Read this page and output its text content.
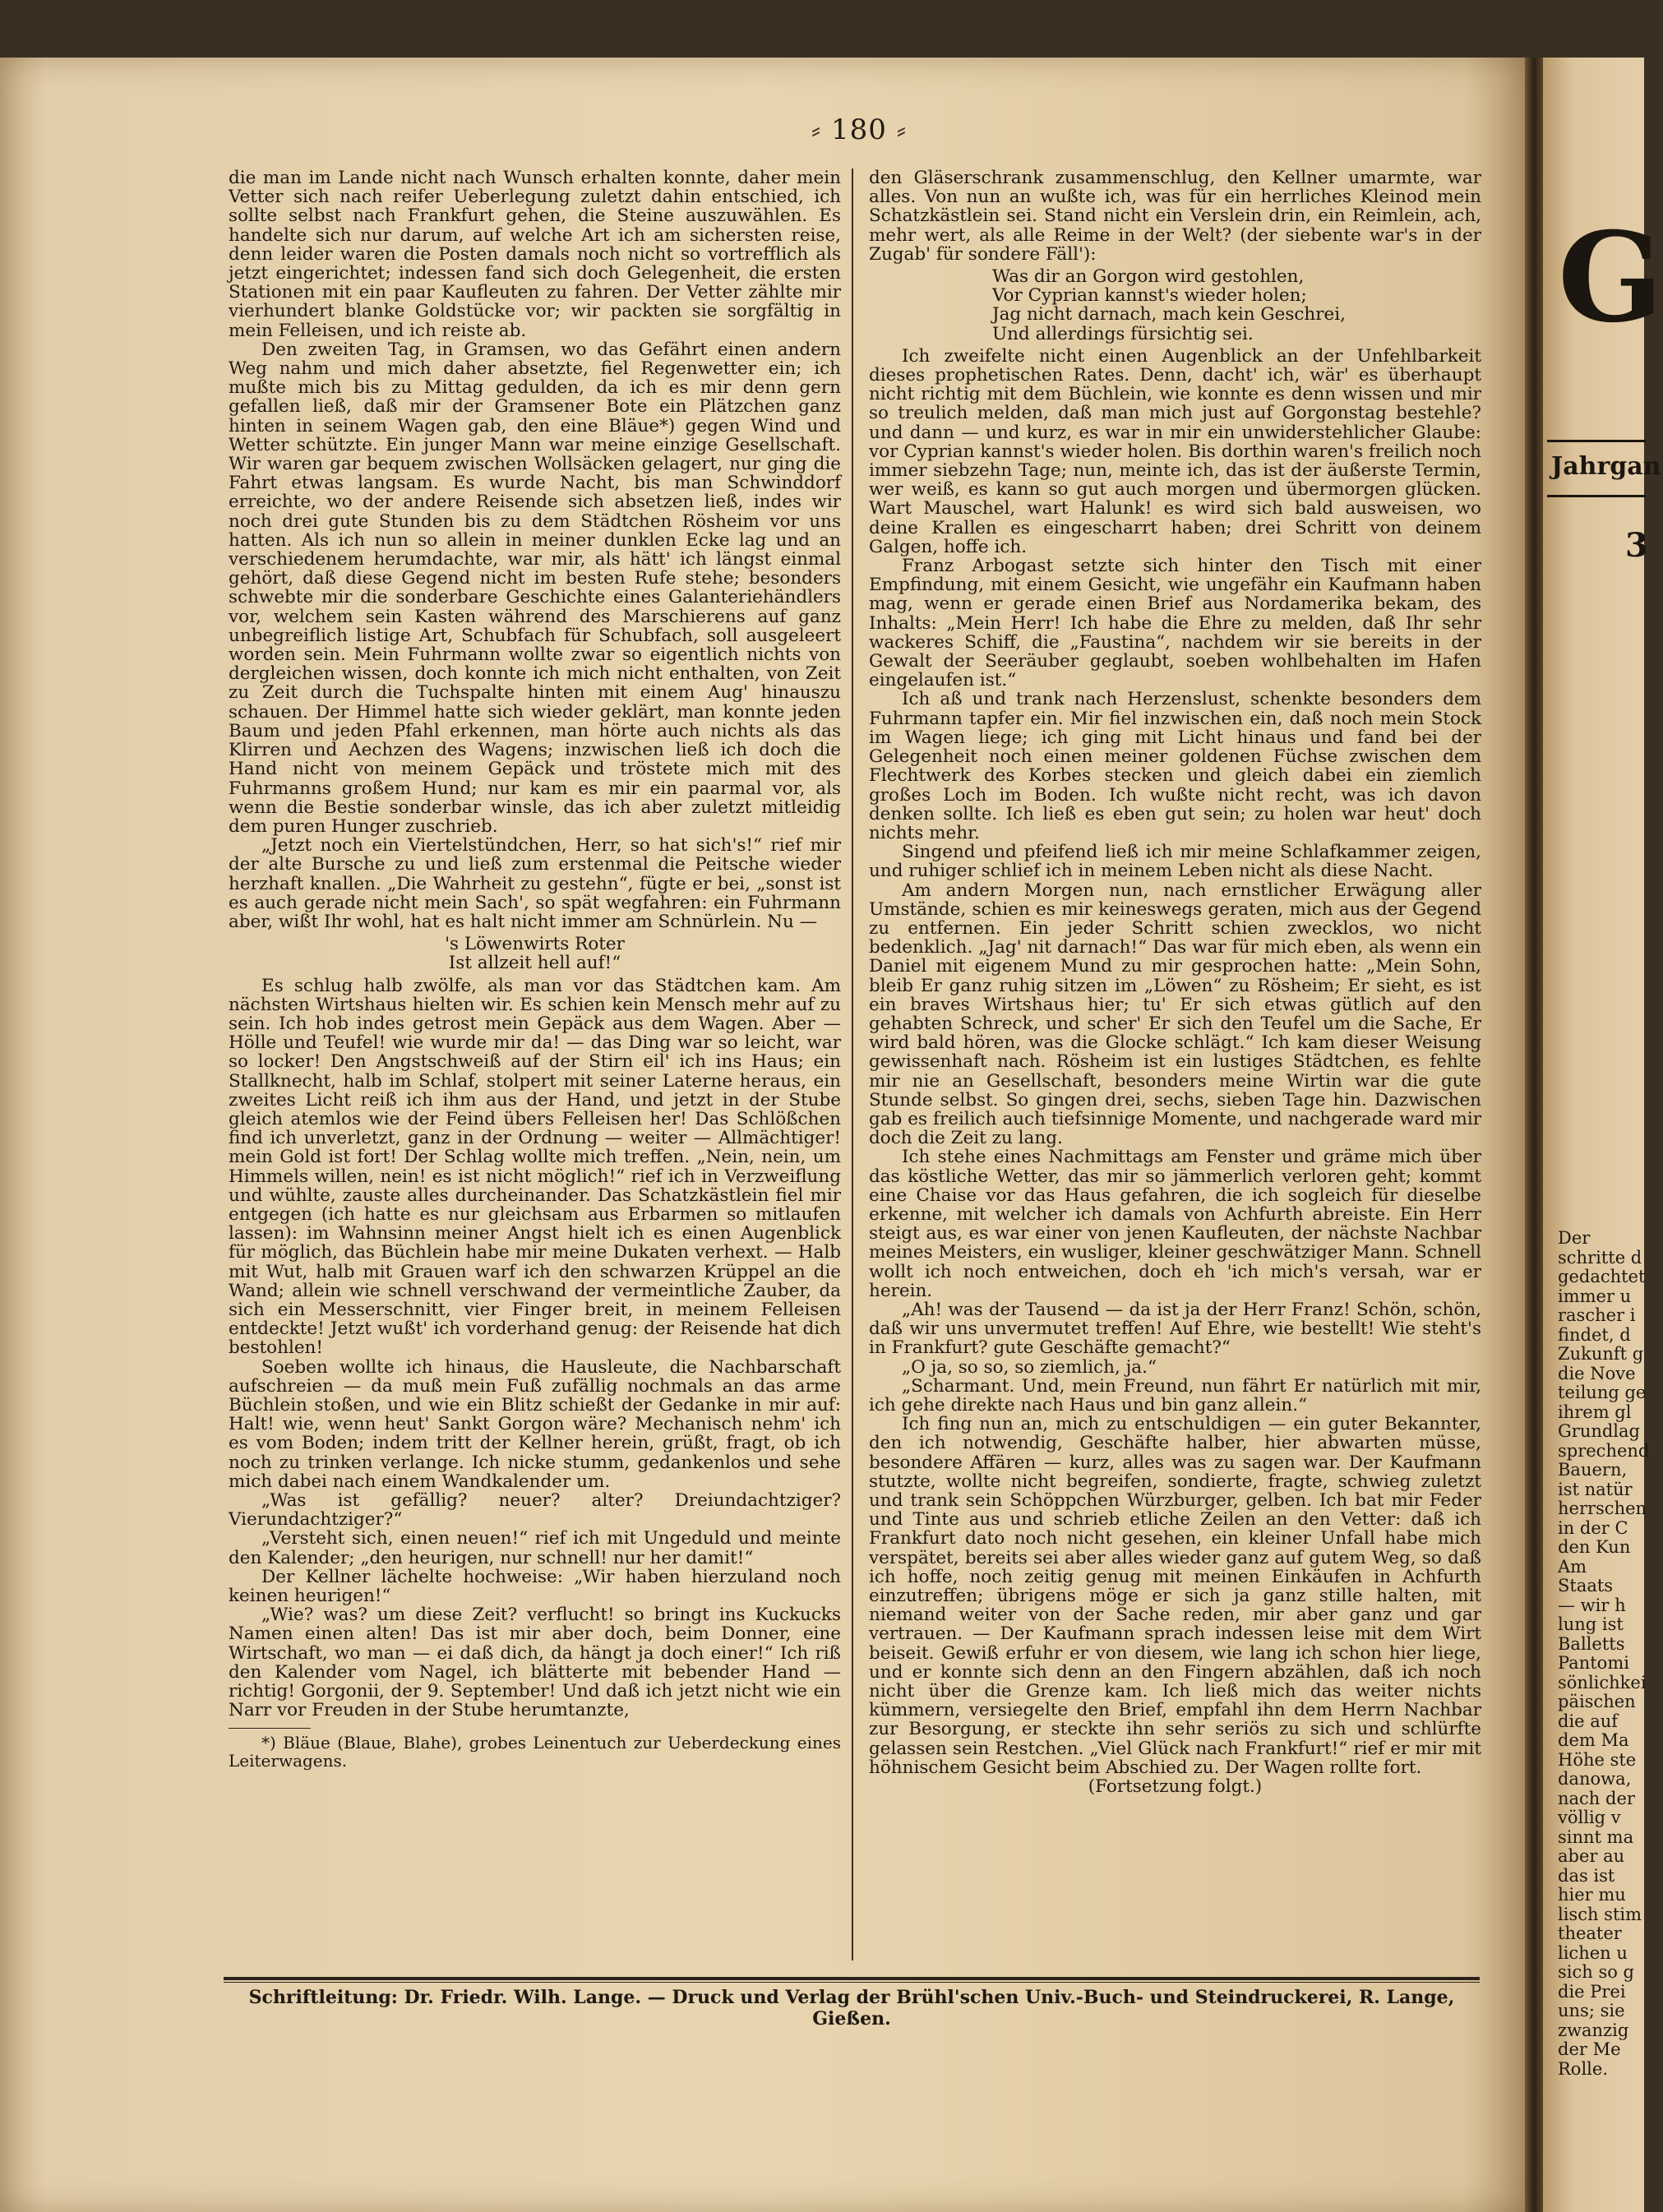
⸗ 180 ⸗

die man im Lande nicht nach Wunsch erhalten konnte, daher mein Vetter sich nach reifer Ueberlegung zuletzt dahin entschied, ich sollte selbst nach Frankfurt gehen, die Steine auszuwählen. Es handelte sich nur darum, auf welche Art ich am sichersten reise, denn leider waren die Posten damals noch nicht so vortrefflich als jetzt eingerichtet; indessen fand sich doch Gelegenheit, die ersten Stationen mit ein paar Kaufleuten zu fahren. Der Vetter zählte mir vierhundert blanke Goldstücke vor; wir packten sie sorgfältig in mein Felleisen, und ich reiste ab.

Den zweiten Tag, in Gramsen, wo das Gefährt einen andern Weg nahm und mich daher absetzte, fiel Regenwetter ein; ich mußte mich bis zu Mittag gedulden, da ich es mir denn gern gefallen ließ, daß mir der Gramsener Bote ein Plätzchen ganz hinten in seinem Wagen gab, den eine Bläue*) gegen Wind und Wetter schützte. Ein junger Mann war meine einzige Gesellschaft. Wir waren gar bequem zwischen Wollsäcken gelagert, nur ging die Fahrt etwas langsam. Es wurde Nacht, bis man Schwinddorf erreichte, wo der andere Reisende sich absetzen ließ, indes wir noch drei gute Stunden bis zu dem Städtchen Rösheim vor uns hatten. Als ich nun so allein in meiner dunklen Ecke lag und an verschiedenem herumdachte, war mir, als hätt' ich längst einmal gehört, daß diese Gegend nicht im besten Rufe stehe; besonders schwebte mir die sonderbare Geschichte eines Galanteriehändlers vor, welchem sein Kasten während des Marschierens auf ganz unbegreiflich listige Art, Schubfach für Schubfach, soll ausgeleert worden sein. Mein Fuhrmann wollte zwar so eigentlich nichts von dergleichen wissen, doch konnte ich mich nicht enthalten, von Zeit zu Zeit durch die Tuchspalte hinten mit einem Aug' hinauszu schauen. Der Himmel hatte sich wieder geklärt, man konnte jeden Baum und jeden Pfahl erkennen, man hörte auch nichts als das Klirren und Aechzen des Wagens; inzwischen ließ ich doch die Hand nicht von meinem Gepäck und tröstete mich mit des Fuhrmanns großem Hund; nur kam es mir ein paarmal vor, als wenn die Bestie sonderbar winsle, das ich aber zuletzt mitleidig dem puren Hunger zuschrieb.

„Jetzt noch ein Viertelstündchen, Herr, so hat sich's!“ rief mir der alte Bursche zu und ließ zum erstenmal die Peitsche wieder herzhaft knallen. „Die Wahrheit zu gestehn“, fügte er bei, „sonst ist es auch gerade nicht mein Sach', so spät wegfahren: ein Fuhrmann aber, wißt Ihr wohl, hat es halt nicht immer am Schnürlein. Nu —

's Löwenwirts Roter
Ist allzeit hell auf!“

Es schlug halb zwölfe, als man vor das Städtchen kam. Am nächsten Wirtshaus hielten wir. Es schien kein Mensch mehr auf zu sein. Ich hob indes getrost mein Gepäck aus dem Wagen. Aber — Hölle und Teufel! wie wurde mir da! — das Ding war so leicht, war so locker! Den Angstschweiß auf der Stirn eil' ich ins Haus; ein Stallknecht, halb im Schlaf, stolpert mit seiner Laterne heraus, ein zweites Licht reiß ich ihm aus der Hand, und jetzt in der Stube gleich atemlos wie der Feind übers Felleisen her! Das Schlößchen find ich unverletzt, ganz in der Ordnung — weiter — Allmächtiger! mein Gold ist fort! Der Schlag wollte mich treffen. „Nein, nein, um Himmels willen, nein! es ist nicht möglich!“ rief ich in Verzweiflung und wühlte, zauste alles durcheinander. Das Schatzkästlein fiel mir entgegen (ich hatte es nur gleichsam aus Erbarmen so mitlaufen lassen): im Wahnsinn meiner Angst hielt ich es einen Augenblick für möglich, das Büchlein habe mir meine Dukaten verhext. — Halb mit Wut, halb mit Grauen warf ich den schwarzen Krüppel an die Wand; allein wie schnell verschwand der vermeintliche Zauber, da sich ein Messerschnitt, vier Finger breit, in meinem Felleisen entdeckte! Jetzt wußt' ich vorderhand genug: der Reisende hat dich bestohlen!

Soeben wollte ich hinaus, die Hausleute, die Nachbarschaft aufschreien — da muß mein Fuß zufällig nochmals an das arme Büchlein stoßen, und wie ein Blitz schießt der Gedanke in mir auf: Halt! wie, wenn heut' Sankt Gorgon wäre? Mechanisch nehm' ich es vom Boden; indem tritt der Kellner herein, grüßt, fragt, ob ich noch zu trinken verlange. Ich nicke stumm, gedankenlos und sehe mich dabei nach einem Wandkalender um.

„Was ist gefällig? neuer? alter? Dreiundachtziger? Vierundachtziger?“

„Versteht sich, einen neuen!“ rief ich mit Ungeduld und meinte den Kalender; „den heurigen, nur schnell! nur her damit!“

Der Kellner lächelte hochweise: „Wir haben hierzuland noch keinen heurigen!“

„Wie? was? um diese Zeit? verflucht! so bringt ins Kuckucks Namen einen alten! Das ist mir aber doch, beim Donner, eine Wirtschaft, wo man — ei daß dich, da hängt ja doch einer!“ Ich riß den Kalender vom Nagel, ich blätterte mit bebender Hand — richtig! Gorgonii, der 9. September! Und daß ich jetzt nicht wie ein Narr vor Freuden in der Stube herumtanzte,

*) Bläue (Blaue, Blahe), grobes Leinentuch zur Ueberdeckung eines Leiterwagens.

den Gläserschrank zusammenschlug, den Kellner umarmte, war alles. Von nun an wußte ich, was für ein herrliches Kleinod mein Schatzkästlein sei. Stand nicht ein Verslein drin, ein Reimlein, ach, mehr wert, als alle Reime in der Welt? (der siebente war's in der Zugab' für sondere Fäll'):

Was dir an Gorgon wird gestohlen,
Vor Cyprian kannst's wieder holen;
Jag nicht darnach, mach kein Geschrei,
Und allerdings fürsichtig sei.

Ich zweifelte nicht einen Augenblick an der Unfehlbarkeit dieses prophetischen Rates. Denn, dacht' ich, wär' es überhaupt nicht richtig mit dem Büchlein, wie konnte es denn wissen und mir so treulich melden, daß man mich just auf Gorgonstag bestehle? und dann — und kurz, es war in mir ein unwiderstehlicher Glaube: vor Cyprian kannst's wieder holen. Bis dorthin waren's freilich noch immer siebzehn Tage; nun, meinte ich, das ist der äußerste Termin, wer weiß, es kann so gut auch morgen und übermorgen glücken. Wart Mauschel, wart Halunk! es wird sich bald ausweisen, wo deine Krallen es eingescharrt haben; drei Schritt von deinem Galgen, hoffe ich.

Franz Arbogast setzte sich hinter den Tisch mit einer Empfindung, mit einem Gesicht, wie ungefähr ein Kaufmann haben mag, wenn er gerade einen Brief aus Nordamerika bekam, des Inhalts: „Mein Herr! Ich habe die Ehre zu melden, daß Ihr sehr wackeres Schiff, die „Faustina“, nachdem wir sie bereits in der Gewalt der Seeräuber geglaubt, soeben wohlbehalten im Hafen eingelaufen ist.“

Ich aß und trank nach Herzenslust, schenkte besonders dem Fuhrmann tapfer ein. Mir fiel inzwischen ein, daß noch mein Stock im Wagen liege; ich ging mit Licht hinaus und fand bei der Gelegenheit noch einen meiner goldenen Füchse zwischen dem Flechtwerk des Korbes stecken und gleich dabei ein ziemlich großes Loch im Boden. Ich wußte nicht recht, was ich davon denken sollte. Ich ließ es eben gut sein; zu holen war heut' doch nichts mehr.

Singend und pfeifend ließ ich mir meine Schlafkammer zeigen, und ruhiger schlief ich in meinem Leben nicht als diese Nacht.

Am andern Morgen nun, nach ernstlicher Erwägung aller Umstände, schien es mir keineswegs geraten, mich aus der Gegend zu entfernen. Ein jeder Schritt schien zwecklos, wo nicht bedenklich. „Jag' nit darnach!“ Das war für mich eben, als wenn ein Daniel mit eigenem Mund zu mir gesprochen hatte: „Mein Sohn, bleib Er ganz ruhig sitzen im „Löwen“ zu Rösheim; Er sieht, es ist ein braves Wirtshaus hier; tu' Er sich etwas gütlich auf den gehabten Schreck, und scher' Er sich den Teufel um die Sache, Er wird bald hören, was die Glocke schlägt.“ Ich kam dieser Weisung gewissenhaft nach. Rösheim ist ein lustiges Städtchen, es fehlte mir nie an Gesellschaft, besonders meine Wirtin war die gute Stunde selbst. So gingen drei, sechs, sieben Tage hin. Dazwischen gab es freilich auch tiefsinnige Momente, und nachgerade ward mir doch die Zeit zu lang.

Ich stehe eines Nachmittags am Fenster und gräme mich über das köstliche Wetter, das mir so jämmerlich verloren geht; kommt eine Chaise vor das Haus gefahren, die ich sogleich für dieselbe erkenne, mit welcher ich damals von Achfurth abreiste. Ein Herr steigt aus, es war einer von jenen Kaufleuten, der nächste Nachbar meines Meisters, ein wusliger, kleiner geschwätziger Mann. Schnell wollt ich noch entweichen, doch eh 'ich mich's versah, war er herein.

„Ah! was der Tausend — da ist ja der Herr Franz! Schön, schön, daß wir uns unvermutet treffen! Auf Ehre, wie bestellt! Wie steht's in Frankfurt? gute Geschäfte gemacht?“

„O ja, so so, so ziemlich, ja.“

„Scharmant. Und, mein Freund, nun fährt Er natürlich mit mir, ich gehe direkte nach Haus und bin ganz allein.“

Ich fing nun an, mich zu entschuldigen — ein guter Bekannter, den ich notwendig, Geschäfte halber, hier abwarten müsse, besondere Affären — kurz, alles was zu sagen war. Der Kaufmann stutzte, wollte nicht begreifen, sondierte, fragte, schwieg zuletzt und trank sein Schöppchen Würzburger, gelben. Ich bat mir Feder und Tinte aus und schrieb etliche Zeilen an den Vetter: daß ich Frankfurt dato noch nicht gesehen, ein kleiner Unfall habe mich verspätet, bereits sei aber alles wieder ganz auf gutem Weg, so daß ich hoffe, noch zeitig genug mit meinen Einkäufen in Achfurth einzutreffen; übrigens möge er sich ja ganz stille halten, mit niemand weiter von der Sache reden, mir aber ganz und gar vertrauen. — Der Kaufmann sprach indessen leise mit dem Wirt beiseit. Gewiß erfuhr er von diesem, wie lang ich schon hier liege, und er konnte sich denn an den Fingern abzählen, daß ich noch nicht über die Grenze kam. Ich ließ mich das weiter nichts kümmern, versiegelte den Brief, empfahl ihn dem Herrn Nachbar zur Besorgung, er steckte ihn sehr seriös zu sich und schlürfte gelassen sein Restchen. „Viel Glück nach Frankfurt!“ rief er mir mit höhnischem Gesicht beim Abschied zu. Der Wagen rollte fort.

(Fortsetzung folgt.)

Schriftleitung: Dr. Friedr. Wilh. Lange. — Druck und Verlag der Brühl'schen Univ.-Buch- und Steindruckerei, R. Lange, Gießen.
G
Jahrgan
3
Der
schritte d
gedachtet
immer u
rascher i
findet, d
Zukunft g
die Nove
teilung ge
ihrem gl
Grundlag
sprechend
Bauern,
ist natür
herrschen
in der C
den Kun
Am
Staats
— wir h
lung ist
Balletts
Pantomi
sönlichkei
päischen
die auf
dem Ma
Höhe ste
danowa,
nach der
völlig v
sinnt ma
aber au
das ist
hier mu
lisch stim
theater
lichen u
sich so g
die Prei
uns; sie
zwanzig
der Me
Rolle.
